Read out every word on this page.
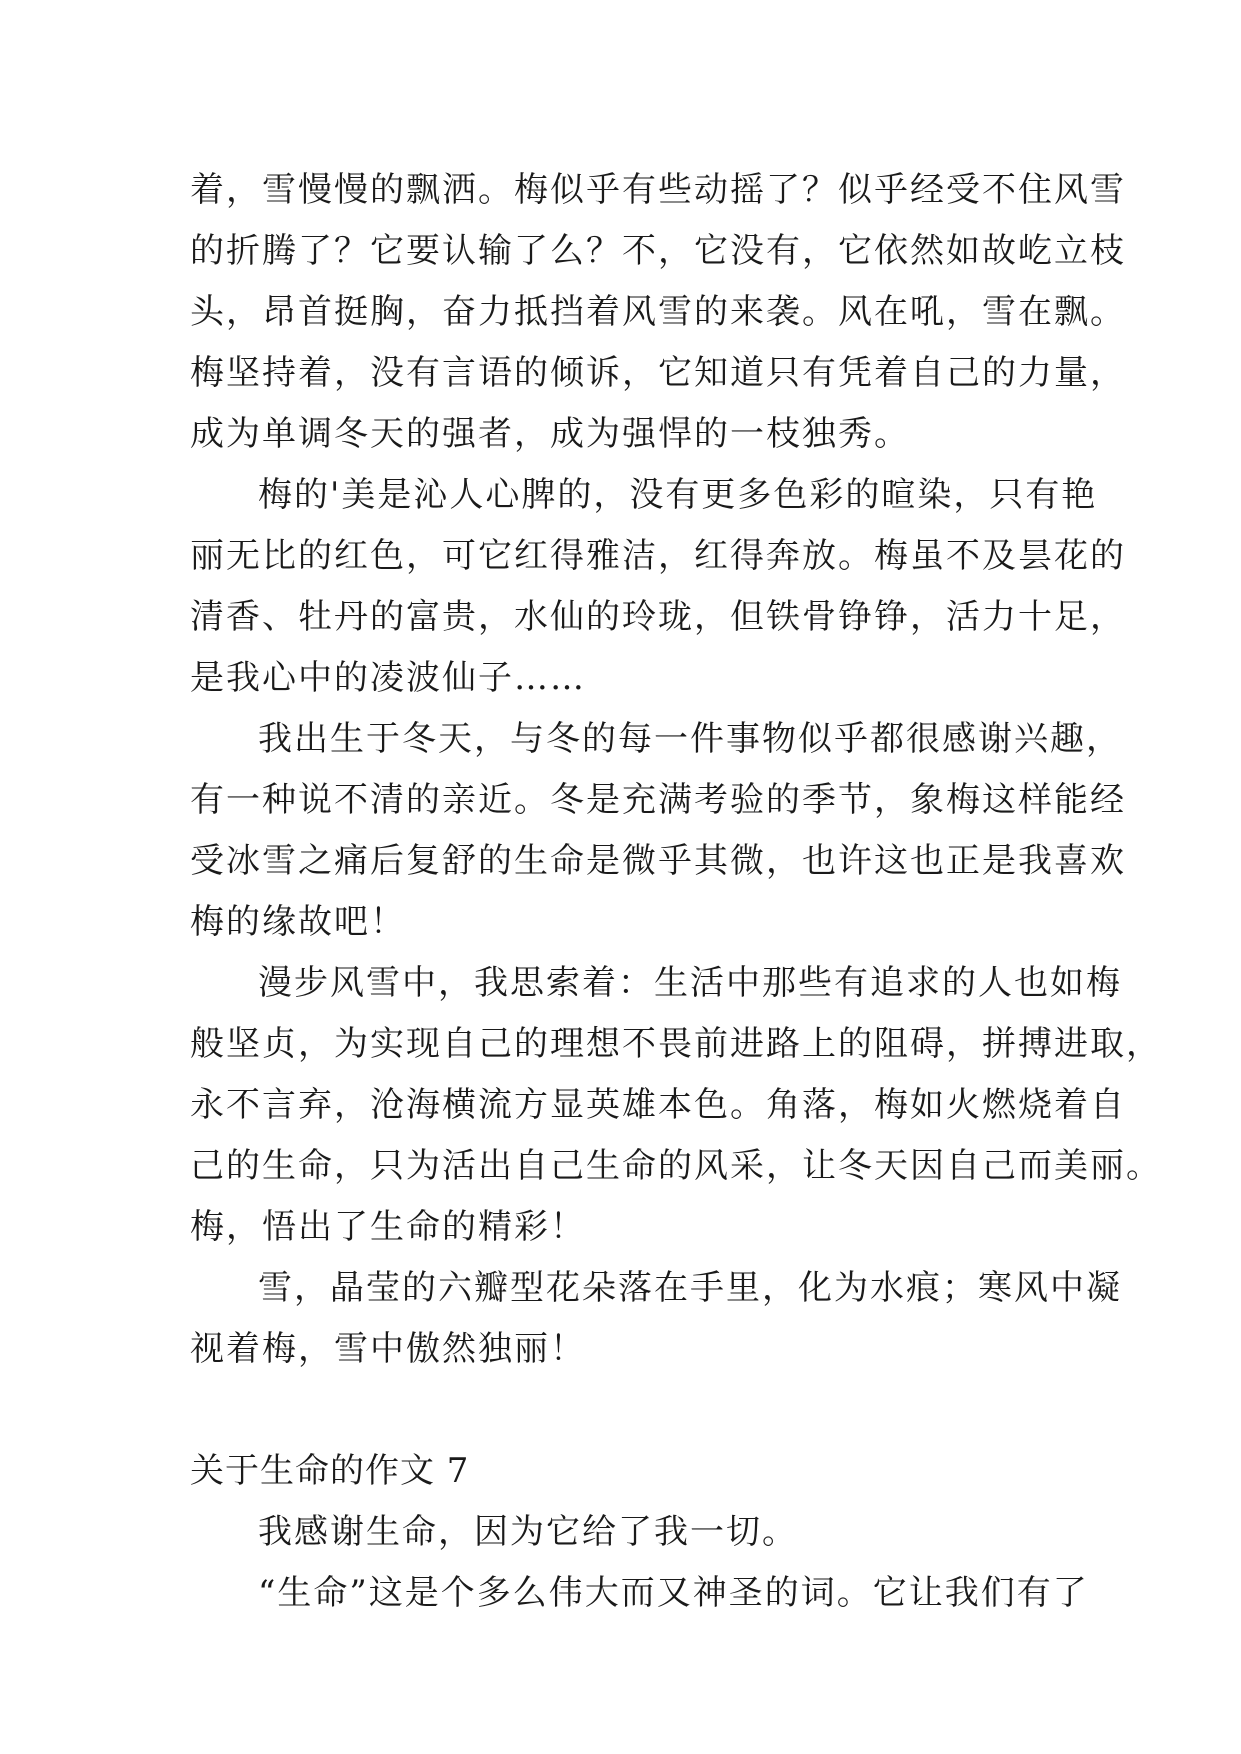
着，雪慢慢的飘洒。梅似乎有些动摇了？似乎经受不住风雪
的折腾了？它要认输了么？不，它没有，它依然如故屹立枝
头，昂首挺胸，奋力抵挡着风雪的来袭。风在吼，雪在飘。
梅坚持着，没有言语的倾诉，它知道只有凭着自己的力量，
成为单调冬天的强者，成为强悍的一枝独秀。
梅的'美是沁人心脾的，没有更多色彩的暄染，只有艳
丽无比的红色，可它红得雅洁，红得奔放。梅虽不及昙花的
清香、牡丹的富贵，水仙的玲珑，但铁骨铮铮，活力十足，
是我心中的凌波仙子……
我出生于冬天，与冬的每一件事物似乎都很感谢兴趣，
有一种说不清的亲近。冬是充满考验的季节，象梅这样能经
受冰雪之痛后复舒的生命是微乎其微，也许这也正是我喜欢
梅的缘故吧！
漫步风雪中，我思索着：生活中那些有追求的人也如梅
般坚贞，为实现自己的理想不畏前进路上的阻碍，拼搏进取，
永不言弃，沧海横流方显英雄本色。角落，梅如火燃烧着自
己的生命，只为活出自己生命的风采，让冬天因自己而美丽。
梅，悟出了生命的精彩！
雪，晶莹的六瓣型花朵落在手里，化为水痕；寒风中凝
视着梅，雪中傲然独丽！
关于生命的作文 7
我感谢生命，因为它给了我一切。
“生命”这是个多么伟大而又神圣的词。它让我们有了
